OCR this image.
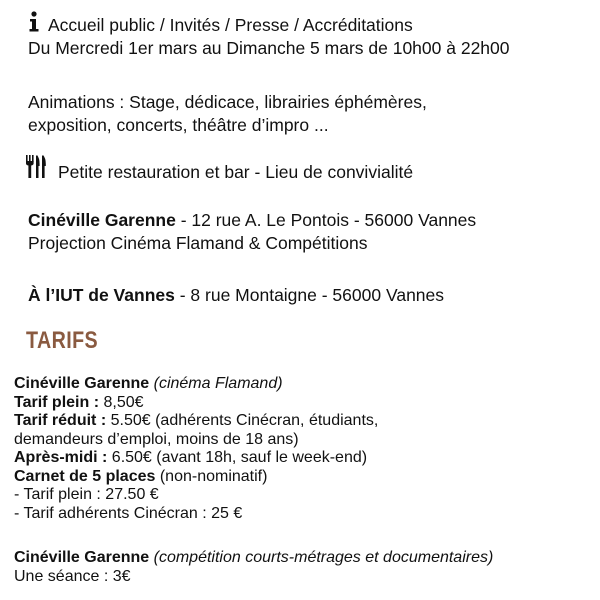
Accueil public / Invités / Presse / Accréditations
Du Mercredi 1er mars au Dimanche 5 mars de 10h00 à 22h00
Animations : Stage, dédicace, librairies éphémères,
exposition, concerts, théâtre d’impro ...
Petite restauration et bar - Lieu de convivialité
Cinéville Garenne - 12 rue A. Le Pontois - 56000 Vannes
Projection Cinéma Flamand & Compétitions
À l’IUT de Vannes - 8 rue Montaigne - 56000 Vannes
TARIFS
Cinéville Garenne (cinéma Flamand)
Tarif plein : 8,50€
Tarif réduit : 5.50€ (adhérents Cinécran, étudiants,
demandeurs d’emploi, moins de 18 ans)
Après-midi : 6.50€ (avant 18h, sauf le week-end)
Carnet de 5 places (non-nominatif)
- Tarif plein : 27.50 €
- Tarif adhérents Cinécran : 25 €
Cinéville Garenne (compétition courts-métrages et documentaires)
Une séance : 3€
